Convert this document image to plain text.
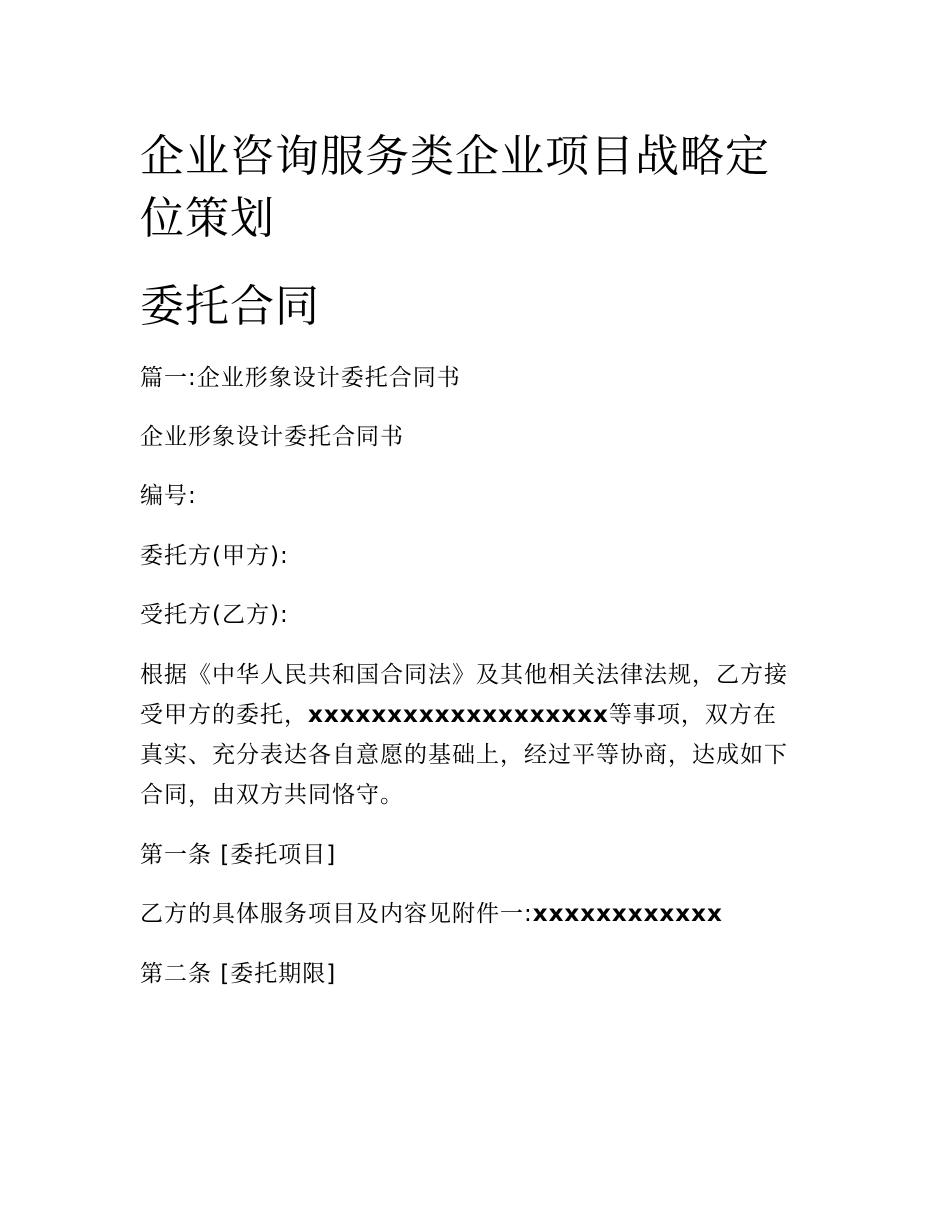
企业咨询服务类企业项目战略定位策划
委托合同

篇一:企业形象设计委托合同书

企业形象设计委托合同书

编号:

委托方(甲方):

受托方(乙方):

根据《中华人民共和国合同法》及其他相关法律法规，乙方接受甲方的委托，xxxxxxxxxxxxxxxxxxx等事项，双方在真实、充分表达各自意愿的基础上，经过平等协商，达成如下合同，由双方共同恪守。

第一条 [委托项目]

乙方的具体服务项目及内容见附件一:xxxxxxxxxxxx

第二条 [委托期限]
